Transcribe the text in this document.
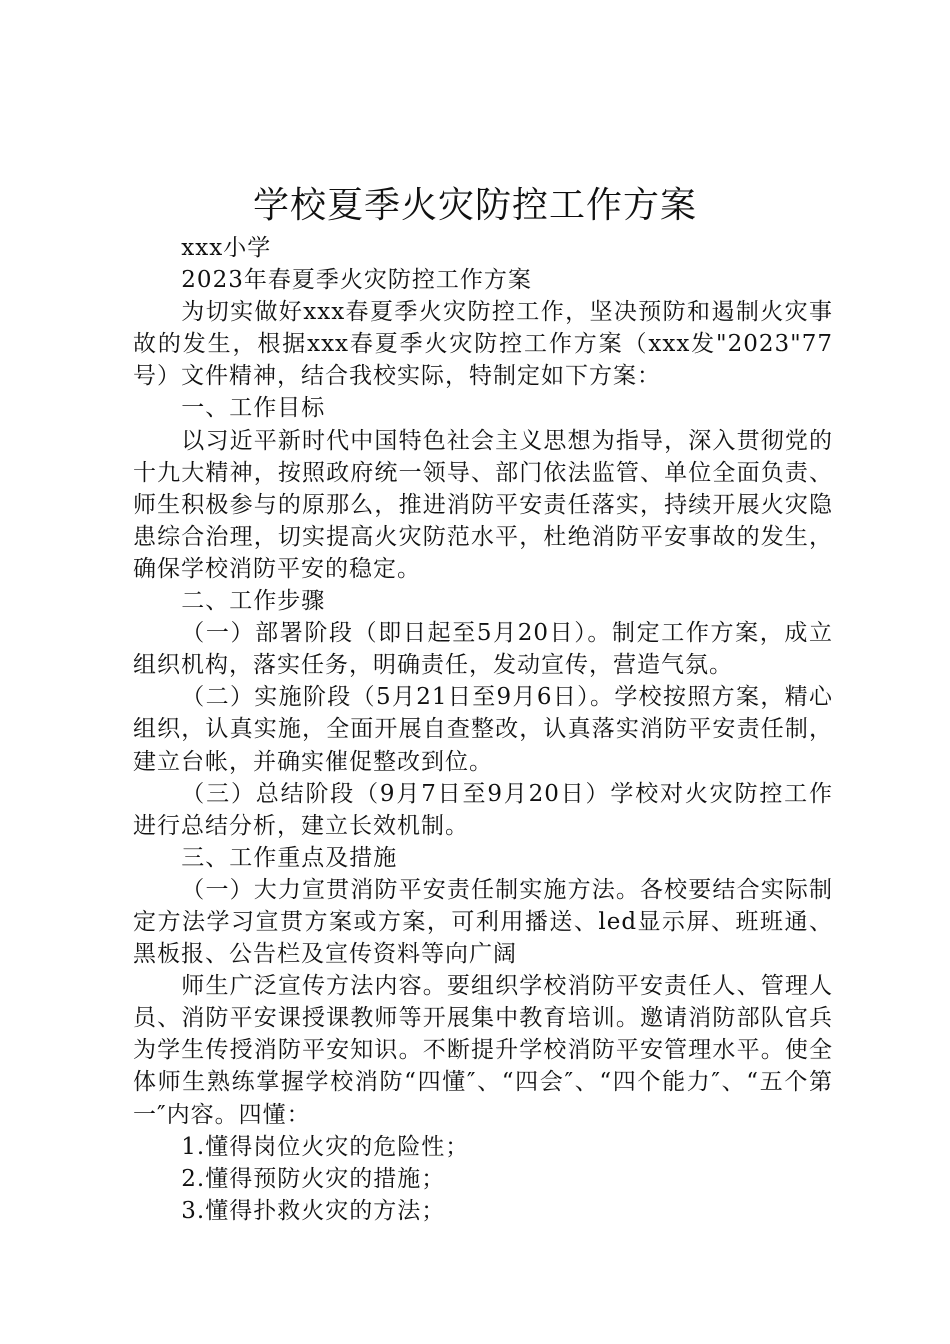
学校夏季火灾防控工作方案

xxx小学

2023年春夏季火灾防控工作方案

为切实做好xxx春夏季火灾防控工作，坚决预防和遏制火灾事故的发生，根据xxx春夏季火灾防控工作方案（xxx发"2023"77号）文件精神，结合我校实际，特制定如下方案：

一、工作目标

以习近平新时代中国特色社会主义思想为指导，深入贯彻党的十九大精神，按照政府统一领导、部门依法监管、单位全面负责、师生积极参与的原那么，推进消防平安责任落实，持续开展火灾隐患综合治理，切实提高火灾防范水平，杜绝消防平安事故的发生，确保学校消防平安的稳定。

二、工作步骤

（一）部署阶段（即日起至5月20日）。制定工作方案，成立组织机构，落实任务，明确责任，发动宣传，营造气氛。

（二）实施阶段（5月21日至9月6日）。学校按照方案，精心组织，认真实施，全面开展自查整改，认真落实消防平安责任制，建立台帐，并确实催促整改到位。

（三）总结阶段（9月7日至9月20日）学校对火灾防控工作进行总结分析，建立长效机制。

三、工作重点及措施

（一）大力宣贯消防平安责任制实施方法。各校要结合实际制定方法学习宣贯方案或方案，可利用播送、led显示屏、班班通、黑板报、公告栏及宣传资料等向广阔

师生广泛宣传方法内容。要组织学校消防平安责任人、管理人员、消防平安课授课教师等开展集中教育培训。邀请消防部队官兵为学生传授消防平安知识。不断提升学校消防平安管理水平。使全体师生熟练掌握学校消防“四懂″、“四会″、“四个能力″、“五个第一″内容。四懂：

1.懂得岗位火灾的危险性；

2.懂得预防火灾的措施；

3.懂得扑救火灾的方法；
